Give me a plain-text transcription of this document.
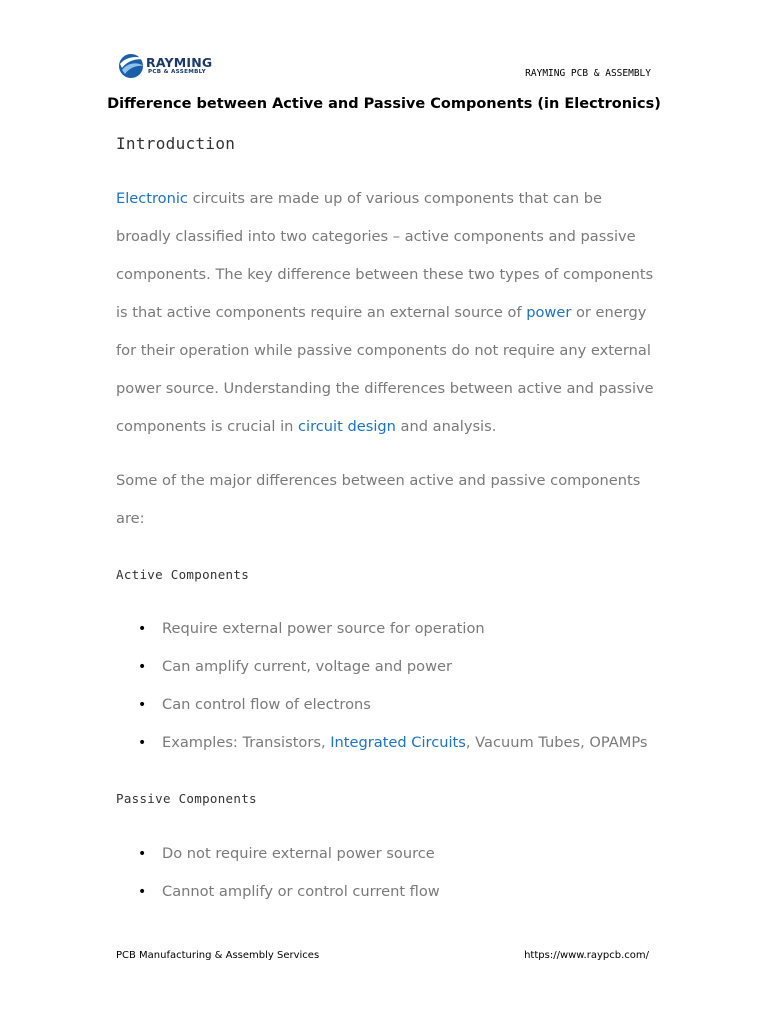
RAYMING
PCB & ASSEMBLY	RAYMING PCB & ASSEMBLY
Difference between Active and Passive Components (in Electronics)
Introduction

Electronic circuits are made up of various components that can be broadly classified into two categories – active components and passive components. The key difference between these two types of components is that active components require an external source of power or energy for their operation while passive components do not require any external power source. Understanding the differences between active and passive components is crucial in circuit design and analysis.

Some of the major differences between active and passive components are:

Active Components
• Require external power source for operation
• Can amplify current, voltage and power
• Can control flow of electrons
• Examples: Transistors, Integrated Circuits, Vacuum Tubes, OPAMPs
Passive Components
• Do not require external power source
• Cannot amplify or control current flow
PCB Manufacturing & Assembly Services	https://www.raypcb.com/
